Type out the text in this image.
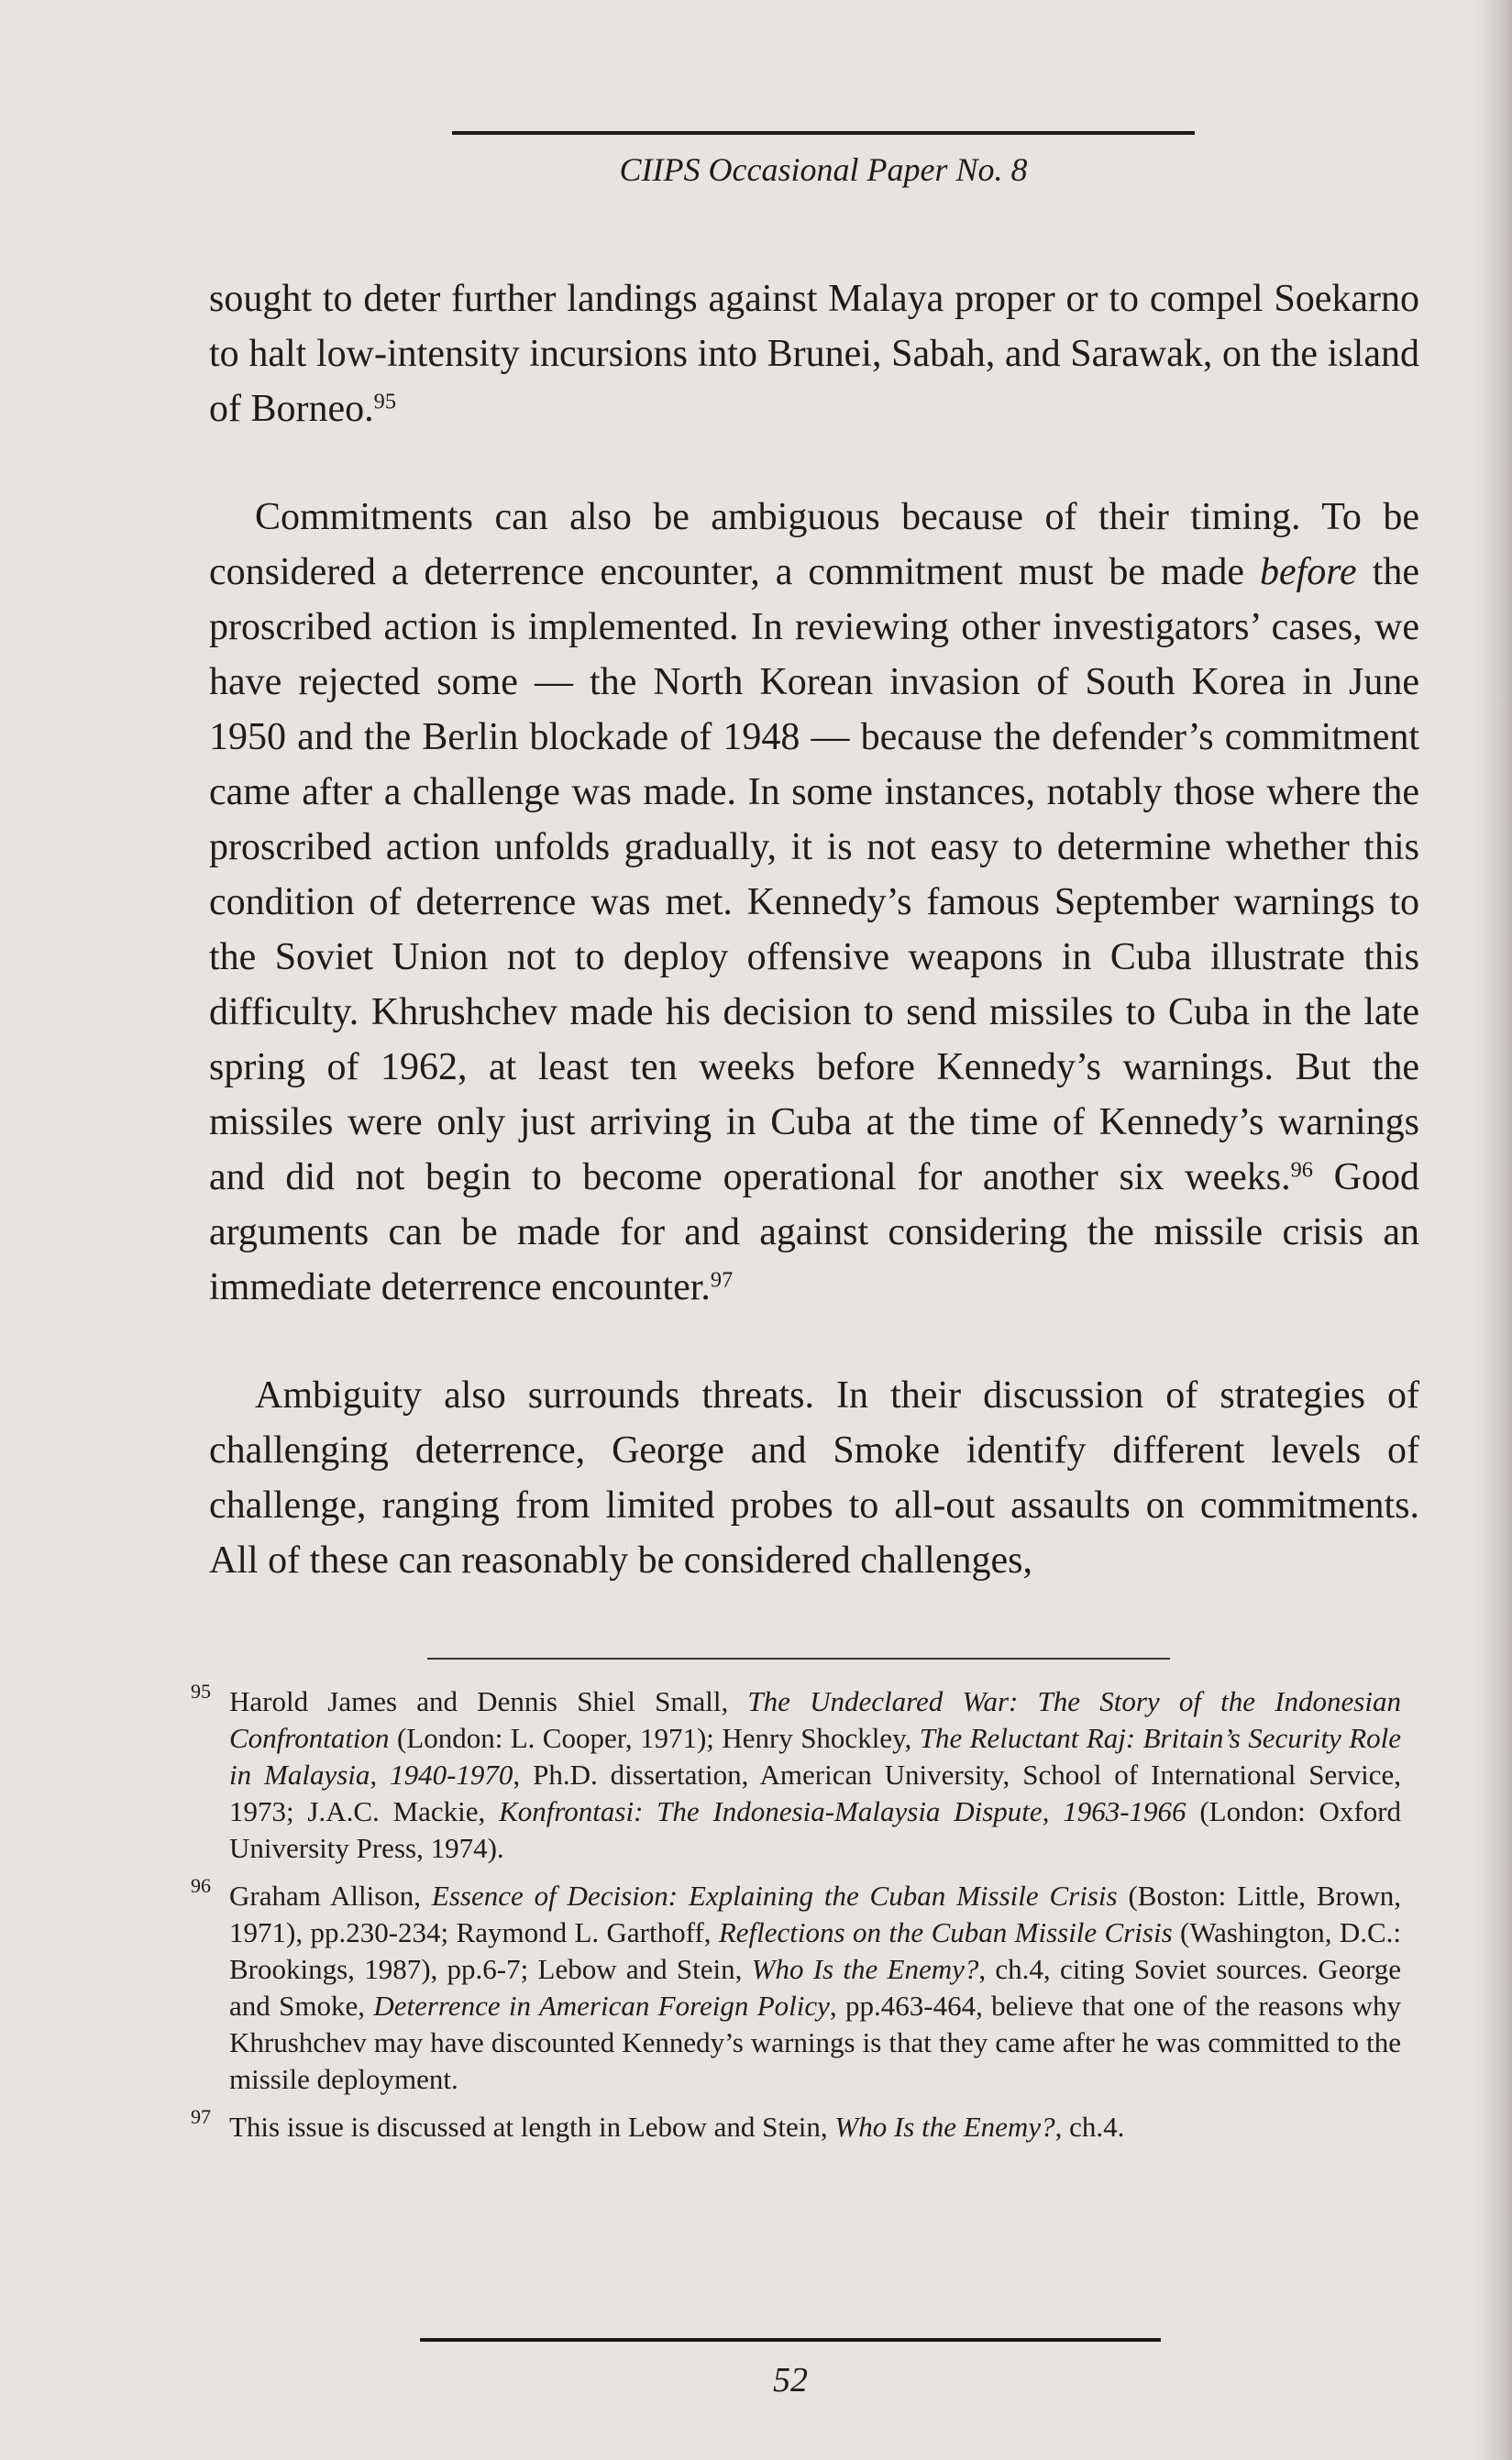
CIIPS Occasional Paper No. 8

sought to deter further landings against Malaya proper or to compel Soekarno to halt low-intensity incursions into Brunei, Sabah, and Sarawak, on the island of Borneo.$^{95}$

Commitments can also be ambiguous because of their timing. To be considered a deterrence encounter, a commitment must be made before the proscribed action is implemented. In reviewing other investigators’ cases, we have rejected some — the North Korean invasion of South Korea in June 1950 and the Berlin blockade of 1948 — because the defender’s commitment came after a challenge was made. In some instances, notably those where the proscribed action unfolds gradually, it is not easy to determine whether this condition of deterrence was met. Kennedy’s famous September warnings to the Soviet Union not to deploy offensive weapons in Cuba illustrate this difficulty. Khrushchev made his decision to send missiles to Cuba in the late spring of 1962, at least ten weeks before Kennedy’s warnings. But the missiles were only just arriving in Cuba at the time of Kennedy’s warnings and did not begin to become operational for another six weeks.$^{96}$ Good arguments can be made for and against considering the missile crisis an immediate deterrence encounter.$^{97}$

Ambiguity also surrounds threats. In their discussion of strategies of challenging deterrence, George and Smoke identify different levels of challenge, ranging from limited probes to all-out assaults on commitments. All of these can reasonably be considered challenges,

95 Harold James and Dennis Shiel Small, The Undeclared War: The Story of the Indonesian Confrontation (London: L. Cooper, 1971); Henry Shockley, The Reluctant Raj: Britain’s Security Role in Malaysia, 1940-1970, Ph.D. dissertation, American University, School of International Service, 1973; J.A.C. Mackie, Konfrontasi: The Indonesia-Malaysia Dispute, 1963-1966 (London: Oxford University Press, 1974).
96 Graham Allison, Essence of Decision: Explaining the Cuban Missile Crisis (Boston: Little, Brown, 1971), pp.230-234; Raymond L. Garthoff, Reflections on the Cuban Missile Crisis (Washington, D.C.: Brookings, 1987), pp.6-7; Lebow and Stein, Who Is the Enemy?, ch.4, citing Soviet sources. George and Smoke, Deterrence in American Foreign Policy, pp.463-464, believe that one of the reasons why Khrushchev may have discounted Kennedy’s warnings is that they came after he was committed to the missile deployment.
97 This issue is discussed at length in Lebow and Stein, Who Is the Enemy?, ch.4.
52
